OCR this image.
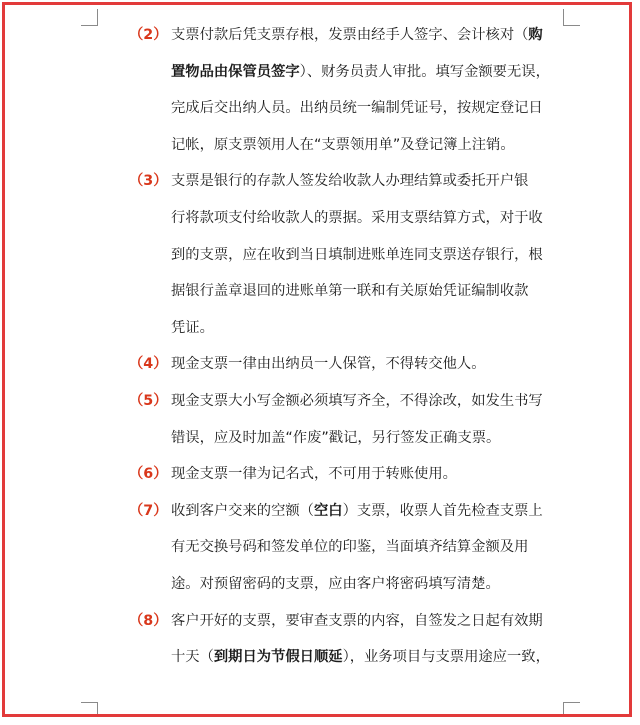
（2） 支票付款后凭支票存根，发票由经手人签字、会计核对（购
置物品由保管员签字）、财务员责人审批。填写金额要无误，
完成后交出纳人员。出纳员统一编制凭证号，按规定登记日
记帐，原支票领用人在“支票领用单”及登记簿上注销。
（3） 支票是银行的存款人签发给收款人办理结算或委托开户银
行将款项支付给收款人的票据。采用支票结算方式，对于收
到的支票，应在收到当日填制进账单连同支票送存银行，根
据银行盖章退回的进账单第一联和有关原始凭证编制收款
凭证。
（4） 现金支票一律由出纳员一人保管，不得转交他人。
（5） 现金支票大小写金额必须填写齐全，不得涂改，如发生书写
错误，应及时加盖“作废”戳记，另行签发正确支票。
（6） 现金支票一律为记名式，不可用于转账使用。
（7） 收到客户交来的空额（空白）支票，收票人首先检查支票上
有无交换号码和签发单位的印鉴，当面填齐结算金额及用
途。对预留密码的支票，应由客户将密码填写清楚。
（8） 客户开好的支票，要审查支票的内容，自签发之日起有效期
十天（到期日为节假日顺延），业务项目与支票用途应一致，
